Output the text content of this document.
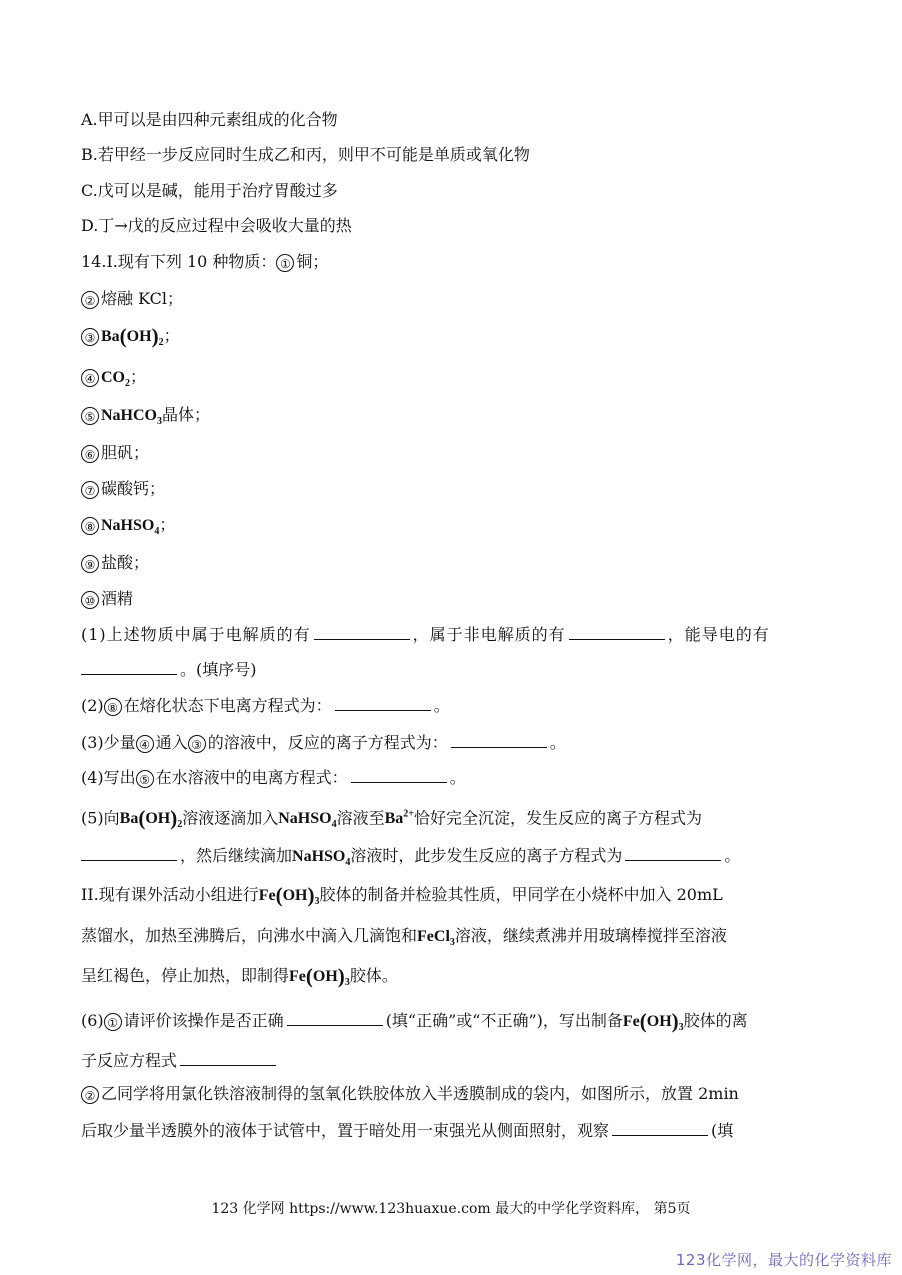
A.甲可以是由四种元素组成的化合物
B.若甲经一步反应同时生成乙和丙，则甲不可能是单质或氧化物
C.戊可以是碱，能用于治疗胃酸过多
D.丁→戊的反应过程中会吸收大量的热
14.I.现有下列 10 种物质： ① 铜；
② 熔融 KCl；
③ $Ba(OH)_2$；
④ $CO_2$；
⑤ NaHCO$_3$晶体；
⑥ 胆矾；
⑦ 碳酸钙；
⑧ NaHSO$_4$；
⑨ 盐酸；
⑩ 酒精
(1)上述物质中属于电解质的有	，属于非电解质的有	，能导电的有
。(填序号)
(2) ⑧ 在熔化状态下电离方程式为：	。
(3)少量 ④ 通入 ③ 的溶液中，反应的离子方程式为：	。
(4)写出 ⑤ 在水溶液中的电离方程式：	。
(5)向$Ba(OH)_2$溶液逐滴加入NaHSO$_4$溶液至$Ba^{2+}$恰好完全沉淀，发生反应的离子方程式为
，然后继续滴加NaHSO$_4$溶液时，此步发生反应的离子方程式为	。
II.现有课外活动小组进行$Fe(OH)_3$胶体的制备并检验其性质，甲同学在小烧杯中加入 20mL
蒸馏水，加热至沸腾后，向沸水中滴入几滴饱和FeCl$_3$溶液，继续煮沸并用玻璃棒搅拌至溶液
呈红褐色，停止加热，即制得$Fe(OH)_3$胶体。
(6) ① 请评价该操作是否正确	(填“正确”或“不正确”)，写出制备$Fe(OH)_3$胶体的离
子反应方程式
② 乙同学将用氯化铁溶液制得的氢氧化铁胶体放入半透膜制成的袋内，如图所示，放置 2min
后取少量半透膜外的液体于试管中，置于暗处用一束强光从侧面照射，观察	(填
123 化学网 https://www.123huaxue.com 最大的中学化学资料库， 第5页
123化学网，最大的化学资料库
